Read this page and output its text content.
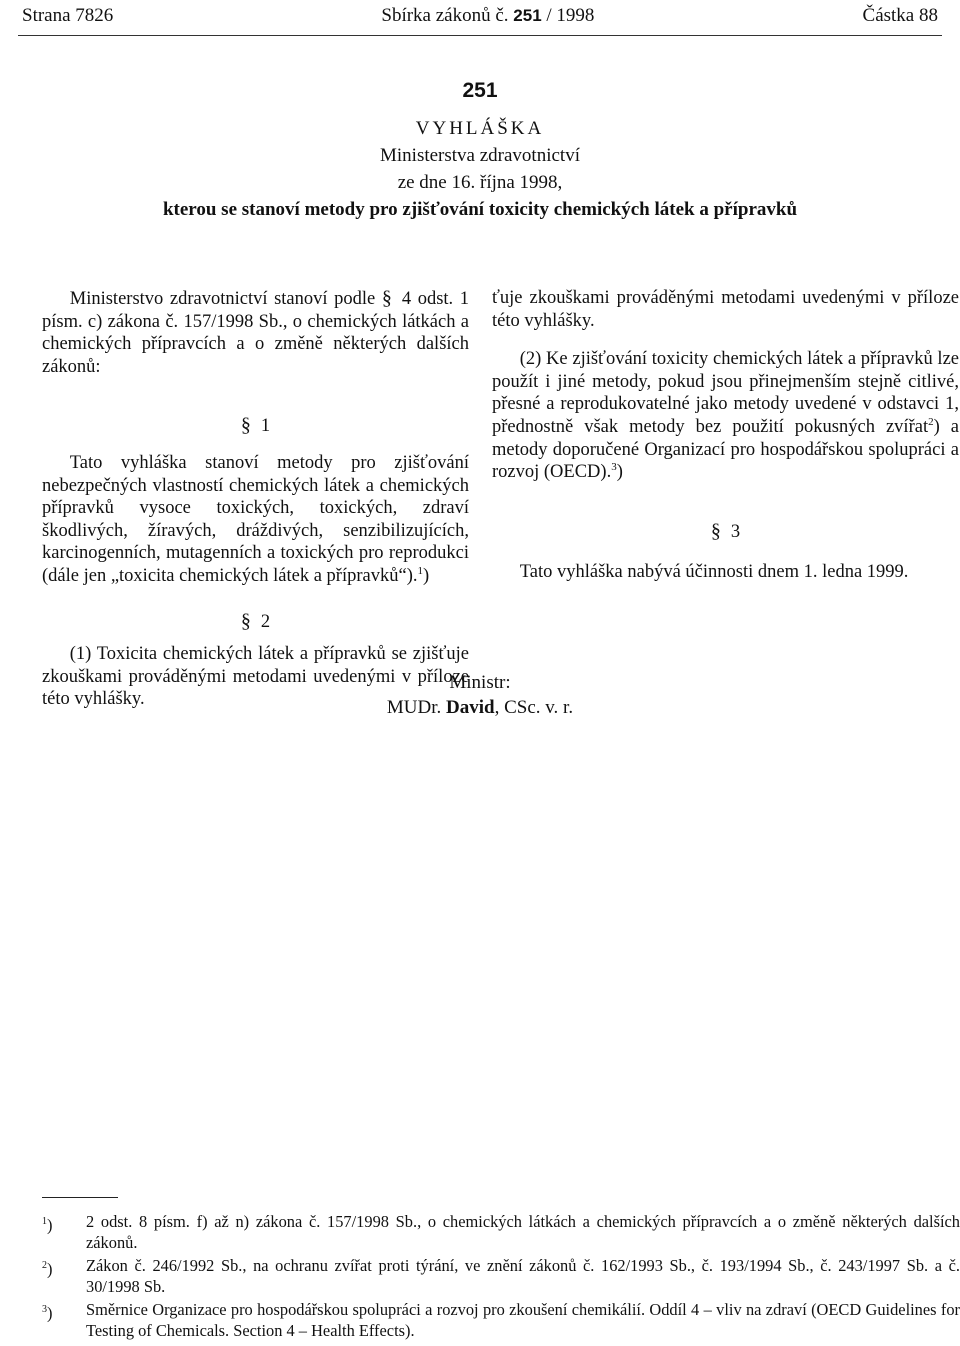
Strana 7826	Sbírka zákonů č. 251 / 1998	Částka 88
251
VYHLÁŠKA
Ministerstva zdravotnictví
ze dne 16. října 1998,
kterou se stanoví metody pro zjišťování toxicity chemických látek a přípravků

Ministerstvo zdravotnictví stanoví podle § 4 odst. 1 písm. c) zákona č. 157/1998 Sb., o chemických látkách a chemických přípravcích a o změně některých dalších zákonů:

§ 1

Tato vyhláška stanoví metody pro zjišťování nebezpečných vlastností chemických látek a chemických přípravků vysoce toxických, toxických, zdraví škodlivých, žíravých, dráždivých, senzibilizujících, karcinogenních, mutagenních a toxických pro reprodukci (dále jen „toxicita chemických látek a přípravků“).$^1$)

§ 2

(1) Toxicita chemických látek a přípravků se zjišťuje zkouškami prováděnými metodami uvedenými v příloze této vyhlášky.

ťuje zkouškami prováděnými metodami uvedenými v příloze této vyhlášky.

(2) Ke zjišťování toxicity chemických látek a přípravků lze použít i jiné metody, pokud jsou přinejmenším stejně citlivé, přesné a reprodukovatelné jako metody uvedené v odstavci 1, přednostně však metody bez použití pokusných zvířat$^2$) a metody doporučené Organizací pro hospodářskou spolupráci a rozvoj (OECD).$^3$)

§ 3

Tato vyhláška nabývá účinnosti dnem 1. ledna 1999.

Ministr:
MUDr. David, CSc. v. r.
$^1$)	2 odst. 8 písm. f) až n) zákona č. 157/1998 Sb., o chemických látkách a chemických přípravcích a o změně některých dalších zákonů.
$^2$)	Zákon č. 246/1992 Sb., na ochranu zvířat proti týrání, ve znění zákonů č. 162/1993 Sb., č. 193/1994 Sb., č. 243/1997 Sb. a č. 30/1998 Sb.
$^3$)	Směrnice Organizace pro hospodářskou spolupráci a rozvoj pro zkoušení chemikálií. Oddíl 4 – vliv na zdraví (OECD Guidelines for Testing of Chemicals. Section 4 – Health Effects).
